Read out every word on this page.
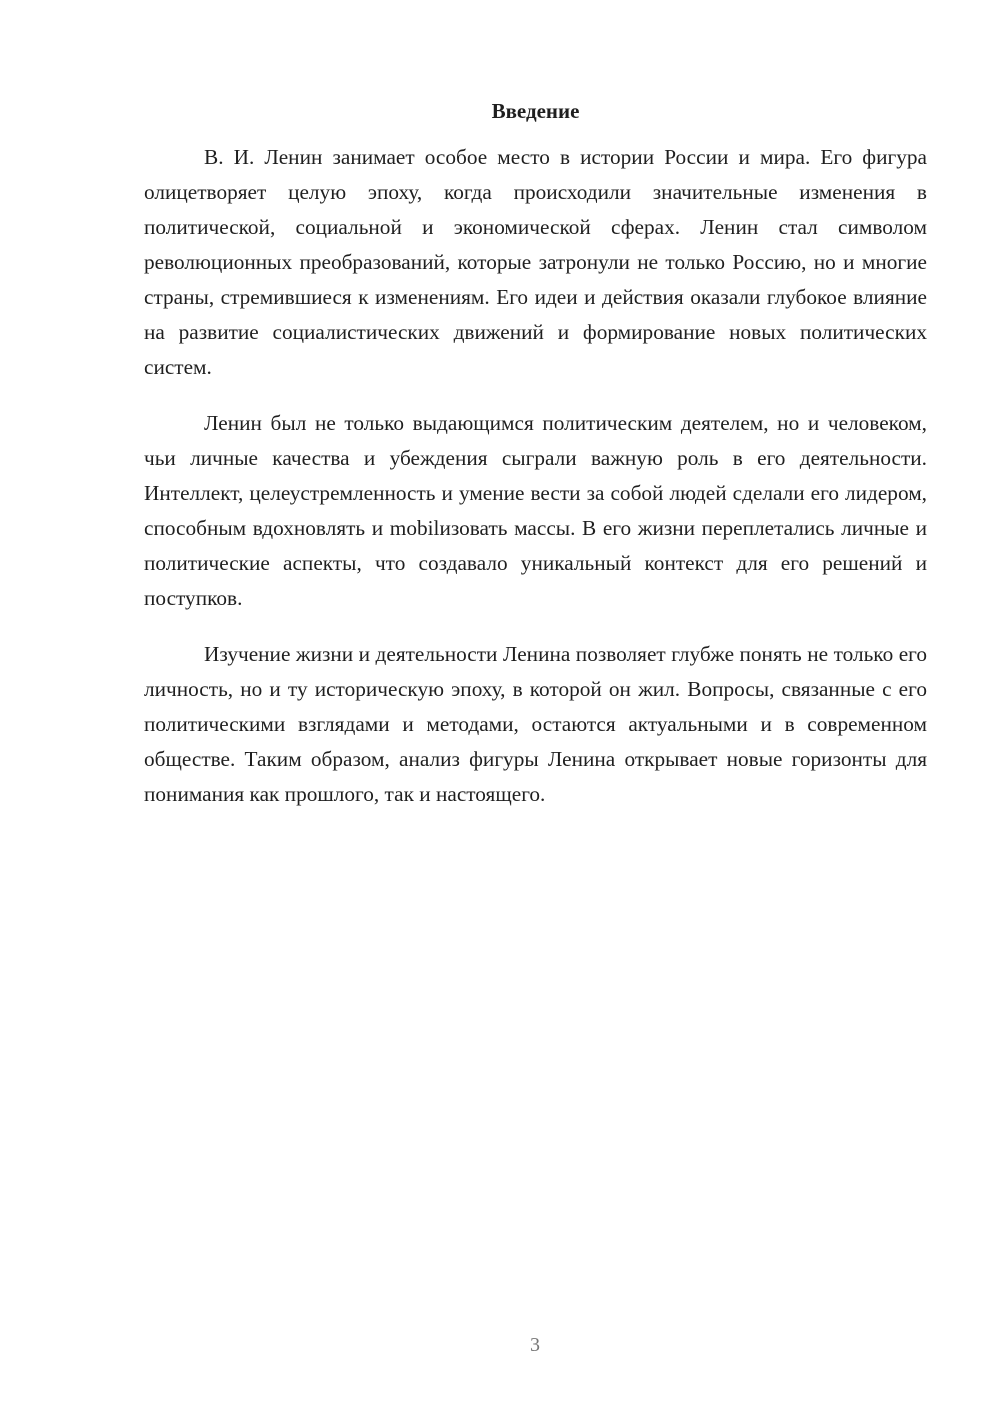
Введение

В. И. Ленин занимает особое место в истории России и мира. Его фигура олицетворяет целую эпоху, когда происходили значительные изменения в политической, социальной и экономической сферах. Ленин стал символом революционных преобразований, которые затронули не только Россию, но и многие страны, стремившиеся к изменениям. Его идеи и действия оказали глубокое влияние на развитие социалистических движений и формирование новых политических систем.

Ленин был не только выдающимся политическим деятелем, но и человеком, чьи личные качества и убеждения сыграли важную роль в его деятельности. Интеллект, целеустремленность и умение вести за собой людей сделали его лидером, способным вдохновлять и mobilизовать массы. В его жизни переплетались личные и политические аспекты, что создавало уникальный контекст для его решений и поступков.

Изучение жизни и деятельности Ленина позволяет глубже понять не только его личность, но и ту историческую эпоху, в которой он жил. Вопросы, связанные с его политическими взглядами и методами, остаются актуальными и в современном обществе. Таким образом, анализ фигуры Ленина открывает новые горизонты для понимания как прошлого, так и настоящего.

3
